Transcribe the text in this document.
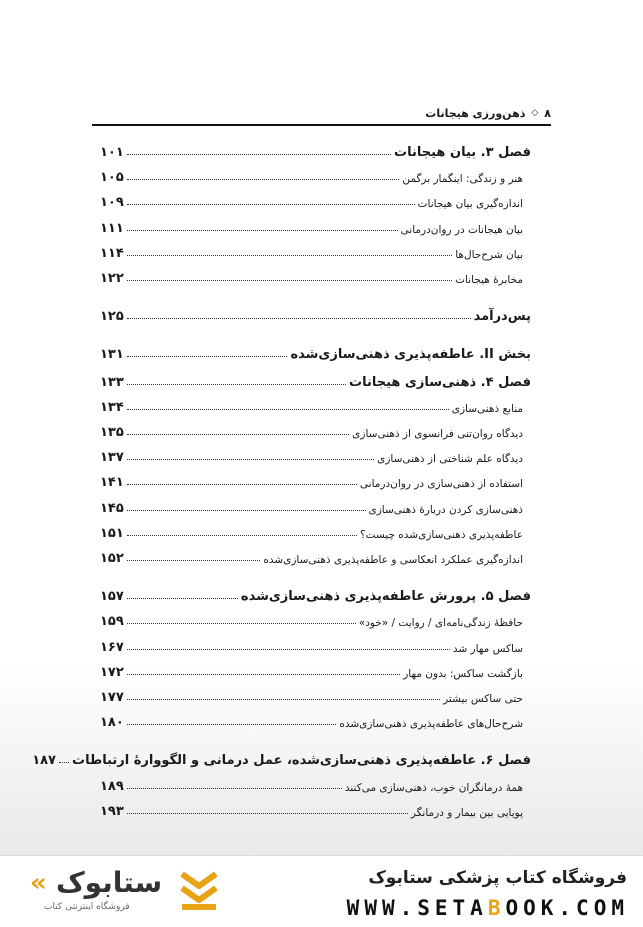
۸
◇
ذهن‌ورزی هیجانات
فصل ۳. بیان هیجانات
۱۰۱
هنر و زندگی: اینگمار برگمن
۱۰۵
اندازه‌گیری بیان هیجانات
۱۰۹
بیان هیجانات در روان‌درمانی
۱۱۱
بیان شرح‌حال‌ها
۱۱۴
مخابرهٔ هیجانات
۱۲۲
پس‌درآمد
۱۲۵
بخش II. عاطفه‌پذیری ذهنی‌سازی‌شده
۱۳۱
فصل ۴. ذهنی‌سازی هیجانات
۱۳۳
منابع ذهنی‌سازی
۱۳۴
دیدگاه روان‌تنی فرانسوی از ذهنی‌سازی
۱۳۵
دیدگاه علم شناختی از ذهنی‌سازی
۱۳۷
استفاده از ذهنی‌سازی در روان‌درمانی
۱۴۱
ذهنی‌سازی کردن دربارهٔ ذهنی‌سازی
۱۴۵
عاطفه‌پذیری ذهنی‌سازی‌شده چیست؟
۱۵۱
اندازه‌گیری عملکرد انعکاسی و عاطفه‌پذیری ذهنی‌سازی‌شده
۱۵۲
فصل ۵. پرورش عاطفه‌پذیری ذهنی‌سازی‌شده
۱۵۷
حافظهٔ زندگی‌نامه‌ای / روایت / «خود»
۱۵۹
ساکس مهار شد
۱۶۷
بازگشت ساکس: بدون مهار
۱۷۲
حتی ساکس بیشتر
۱۷۷
شرح‌حال‌های عاطفه‌پذیری ذهنی‌سازی‌شده
۱۸۰
فصل ۶. عاطفه‌پذیری ذهنی‌سازی‌شده، عمل درمانی و الگووارهٔ ارتباطات
۱۸۷
همهٔ درمانگران خوب، ذهنی‌سازی می‌کنند
۱۸۹
پویایی بین بیمار و درمانگر
۱۹۳
فروشگاه کتاب پزشکی ستابوک
WWW.SETABOOK.COM
« ستابوک
فروشگاه اینترنتی کتاب
